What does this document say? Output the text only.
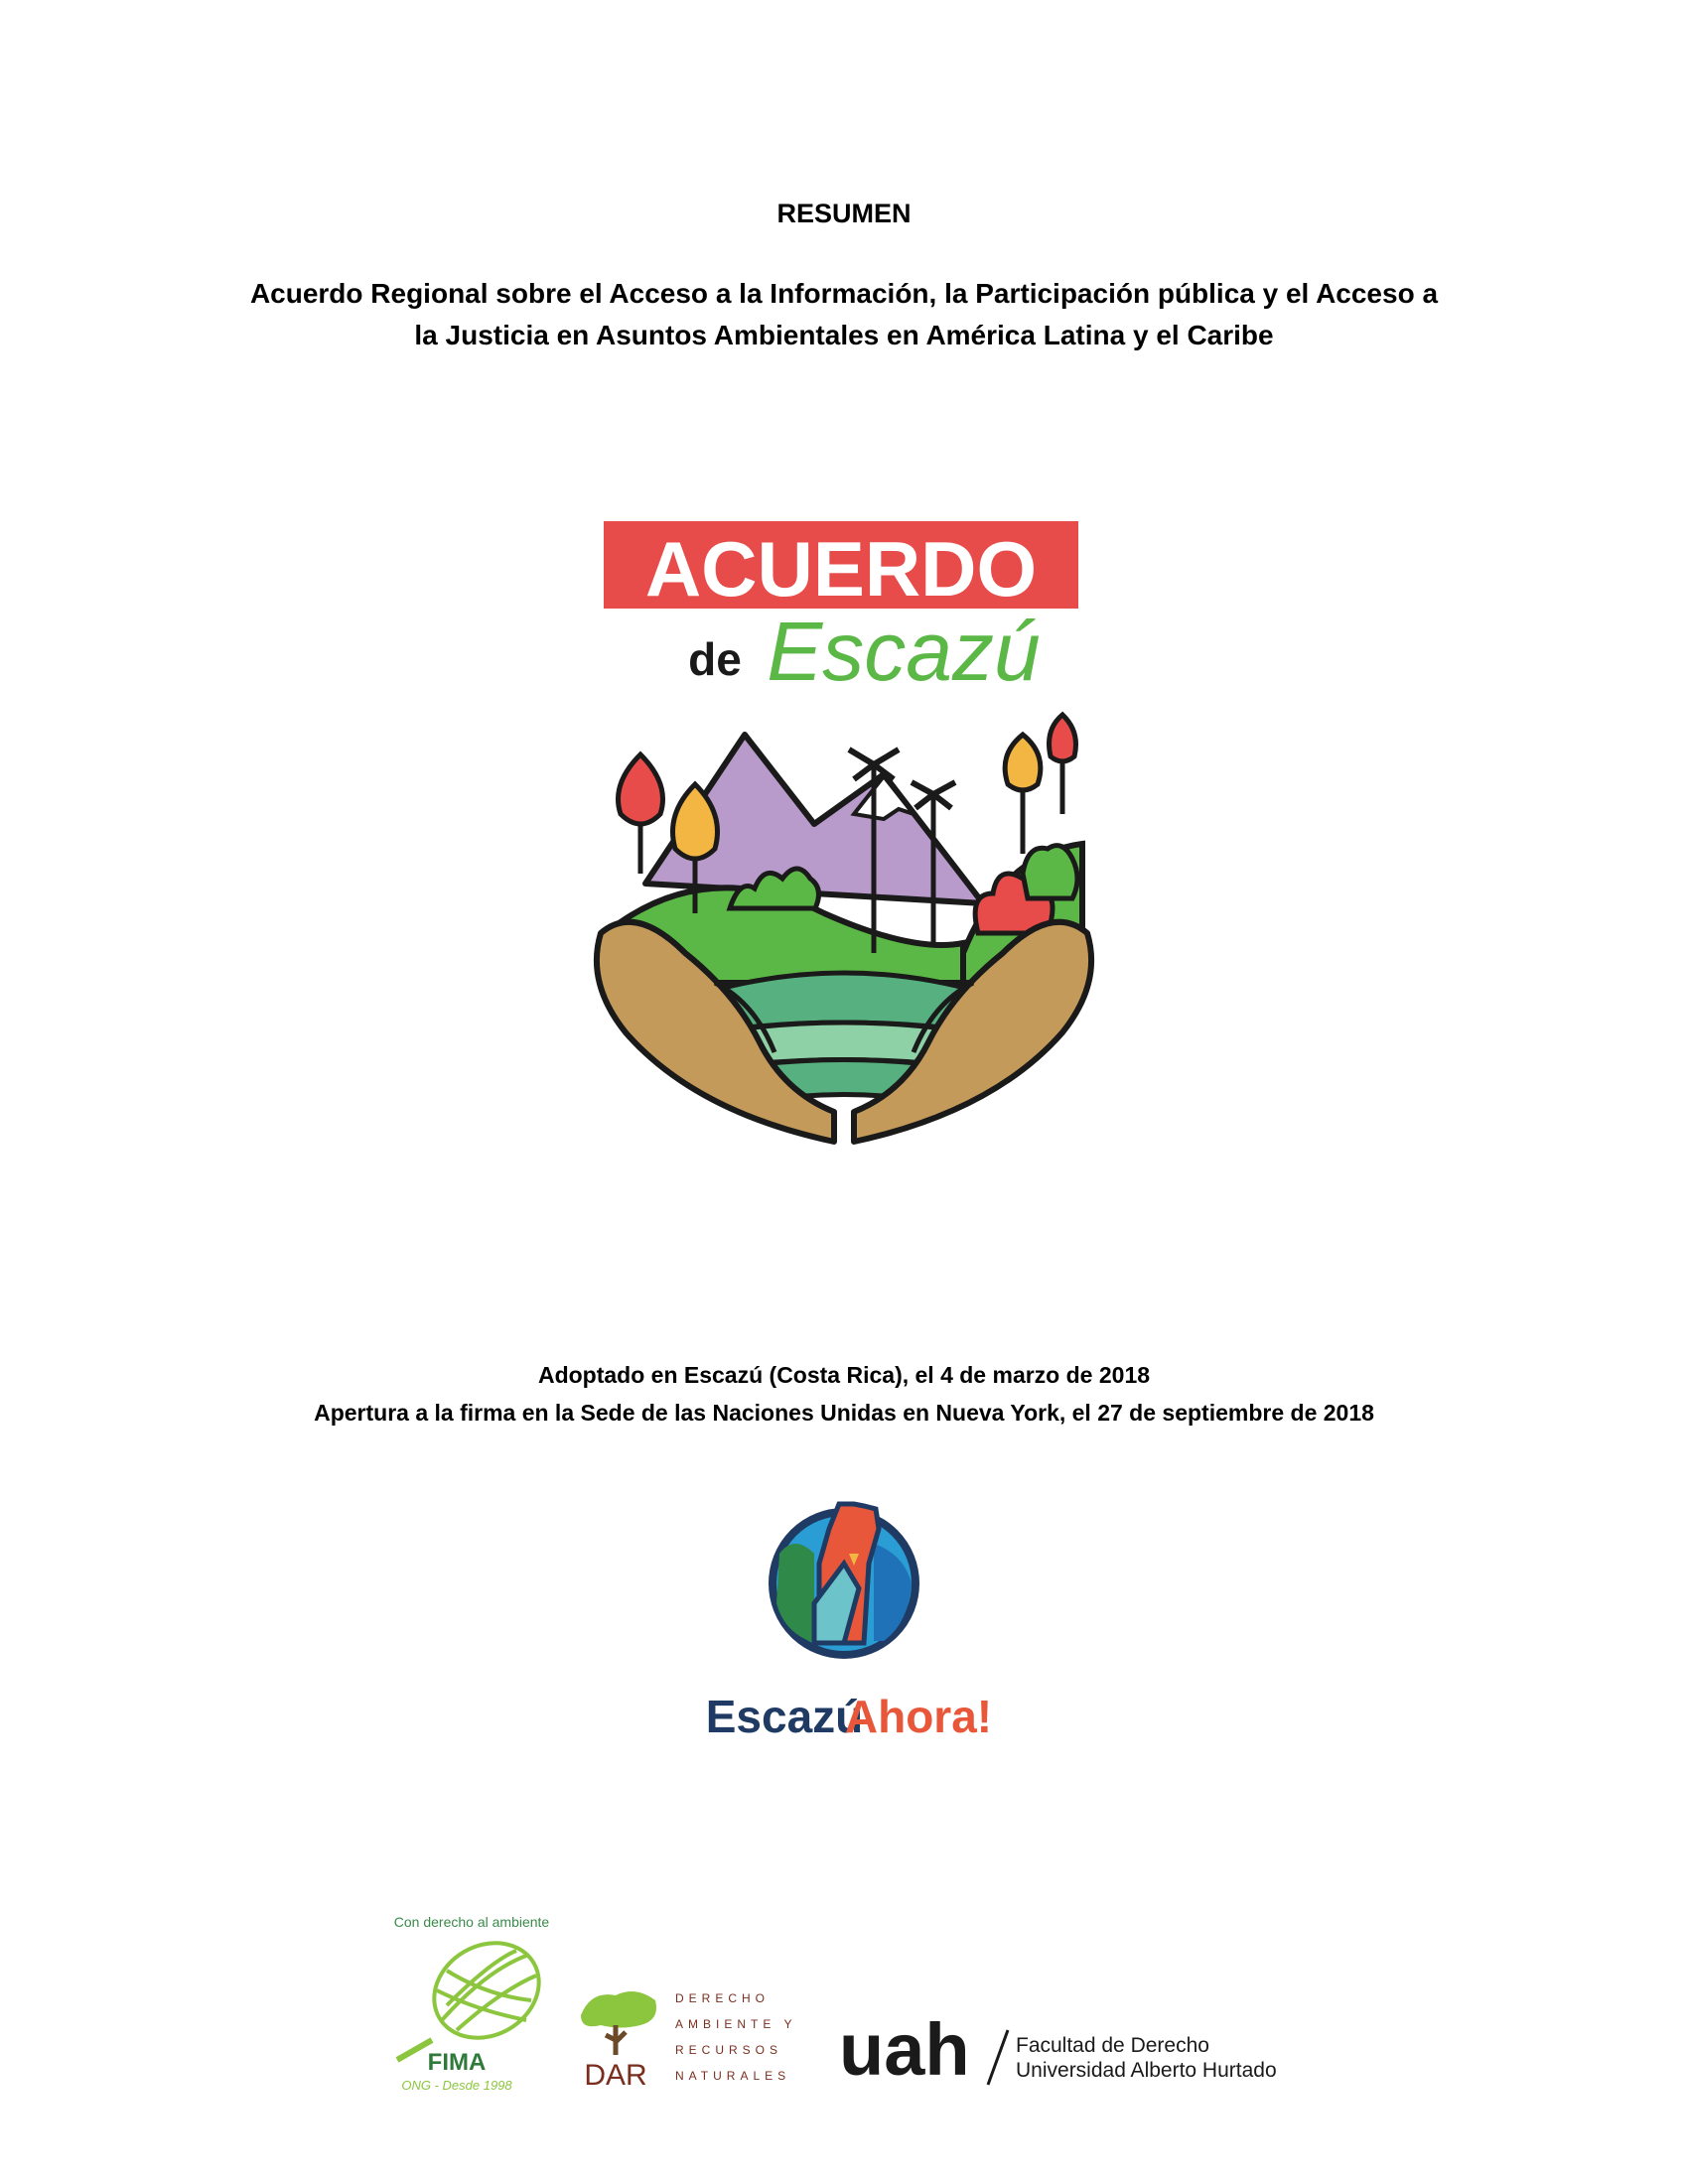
RESUMEN
Acuerdo Regional sobre el Acceso a la Información, la Participación pública y el Acceso a
la Justicia en Asuntos Ambientales en América Latina y el Caribe
ACUERDO
de Escazú
Adoptado en Escazú (Costa Rica), el 4 de marzo de 2018
Apertura a la firma en la Sede de las Naciones Unidas en Nueva York, el 27 de septiembre de 2018
Escazú
Ahora!
Con derecho al ambiente
FIMA
ONG - Desde 1998 DAR
DERECHO
AMBIENTE Y
RECURSOS
NATURALES uah Facultad de Derecho
Universidad Alberto Hurtado
